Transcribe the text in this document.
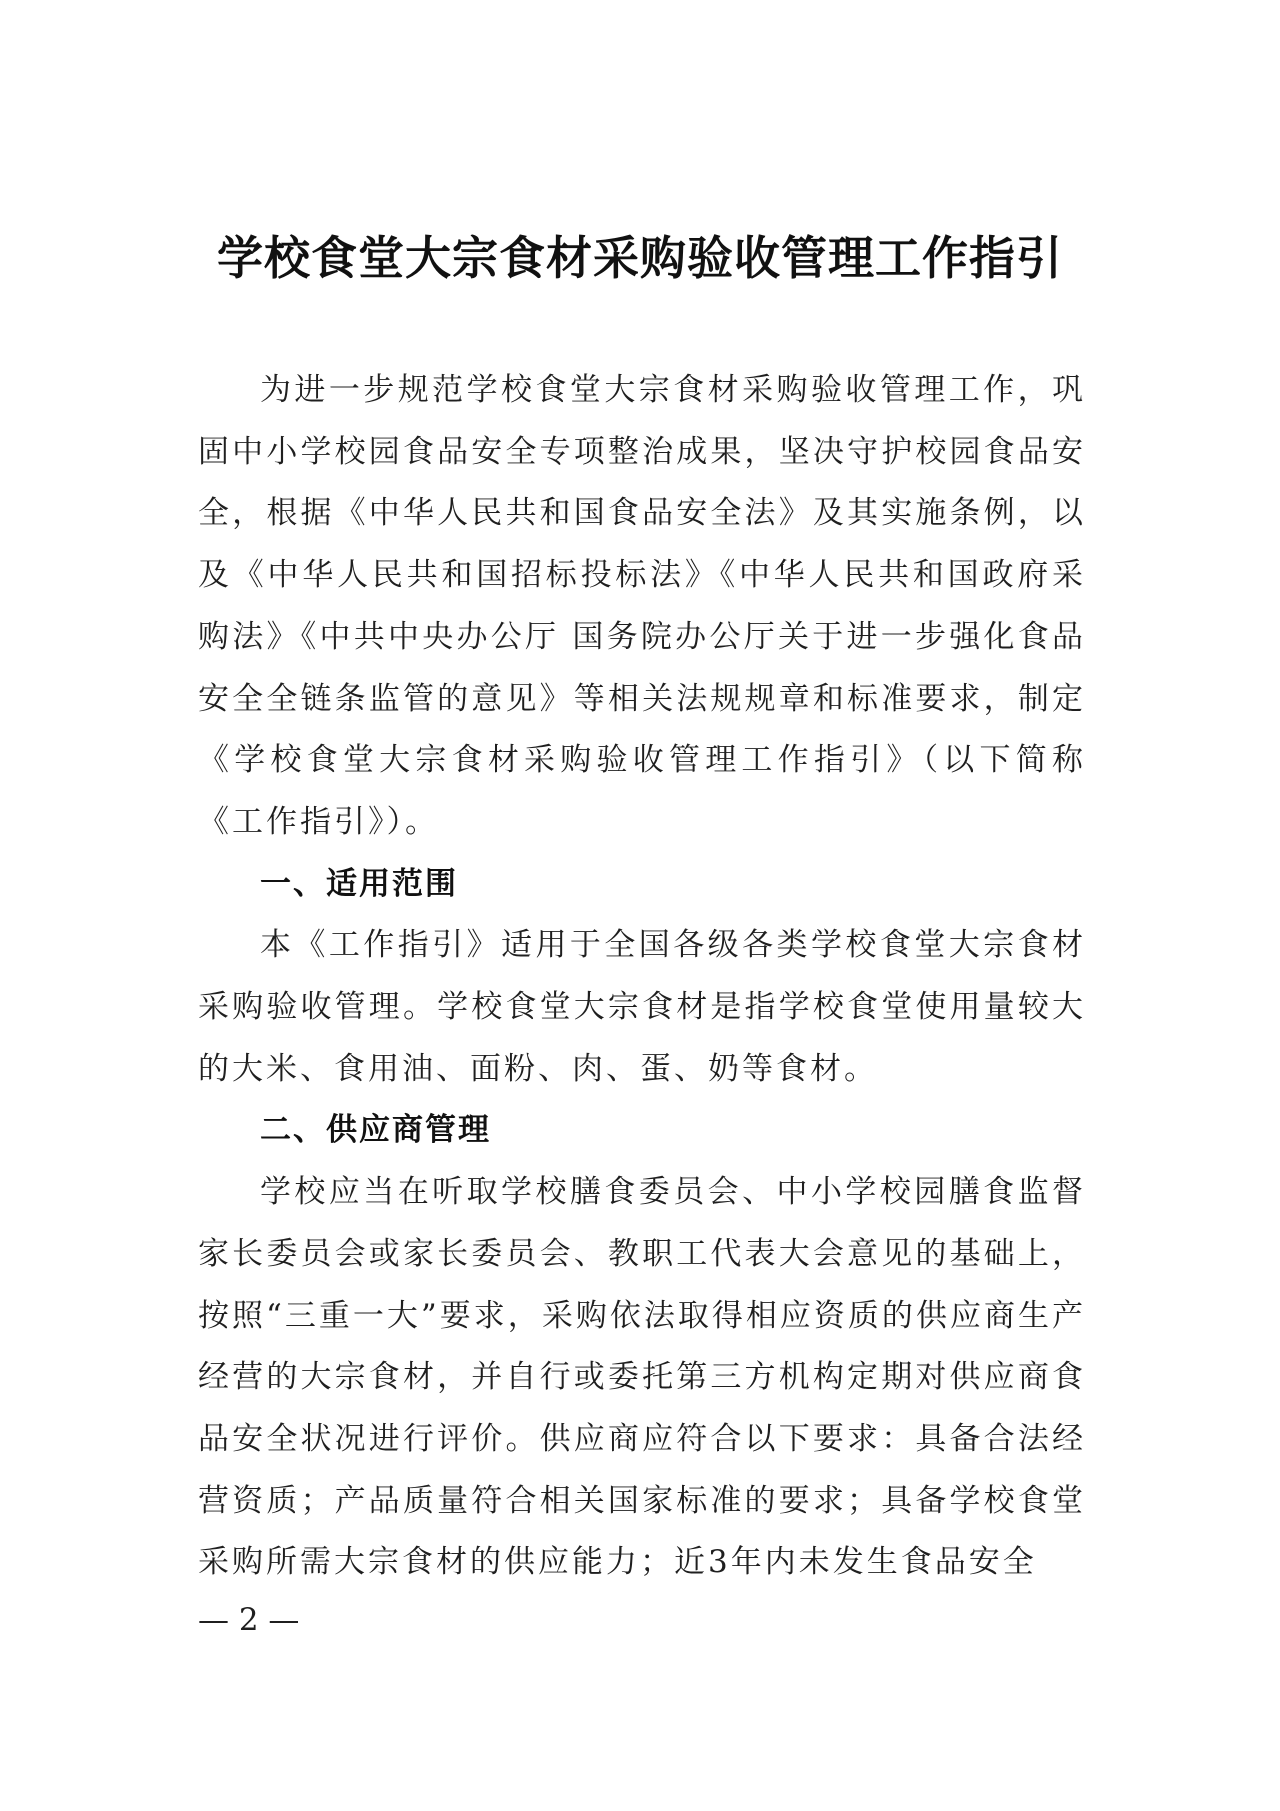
学校食堂大宗食材采购验收管理工作指引

为进一步规范学校食堂大宗食材采购验收管理工作，巩固中小学校园食品安全专项整治成果，坚决守护校园食品安全，根据《中华人民共和国食品安全法》及其实施条例，以及《中华人民共和国招标投标法》《中华人民共和国政府采购法》《中共中央办公厅 国务院办公厅关于进一步强化食品安全全链条监管的意见》等相关法规规章和标准要求，制定《学校食堂大宗食材采购验收管理工作指引》（以下简称《工作指引》）。

一、适用范围

本《工作指引》适用于全国各级各类学校食堂大宗食材采购验收管理。学校食堂大宗食材是指学校食堂使用量较大的大米、食用油、面粉、肉、蛋、奶等食材。

二、供应商管理

学校应当在听取学校膳食委员会、中小学校园膳食监督家长委员会或家长委员会、教职工代表大会意见的基础上，按照“三重一大”要求，采购依法取得相应资质的供应商生产经营的大宗食材，并自行或委托第三方机构定期对供应商食品安全状况进行评价。供应商应符合以下要求：具备合法经营资质；产品质量符合相关国家标准的要求；具备学校食堂采购所需大宗食材的供应能力；近3年内未发生食品安全

— 2 —
